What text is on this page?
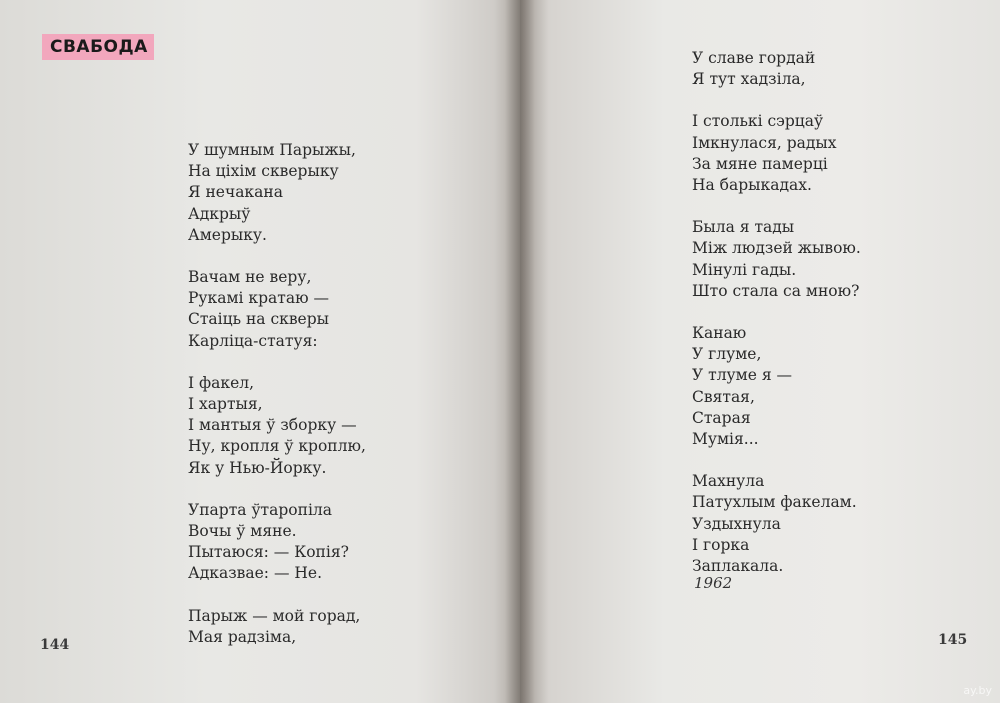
СВАБОДА
У шумным Парыжы,
На ціхім скверыку
Я нечакана
Адкрыў
Амерыку.
Вачам не веру,
Рукамі кратаю —
Стаіць на скверы
Карліца-статуя:
І факел,
І хартыя,
І мантыя ў зборку —
Ну, кропля ў кроплю,
Як у Нью-Йорку.
Упарта ўтаропіла
Вочы ў мяне.
Пытаюся: — Копія?
Адказвае: — Не.
Парыж — мой горад,
Мая радзіма,
144
У славе гордай
Я тут хадзіла,
І столькі сэрцаў
Імкнулася, радых
За мяне памерці
На барыкадах.
Была я тады
Між людзей жывою.
Мінулі гады.
Што стала са мною?
Канаю
У глуме,
У тлуме я —
Святая,
Старая
Мумія...
Махнула
Патухлым факелам.
Уздыхнула
І горка
Заплакала.
1962
145
ay.by
